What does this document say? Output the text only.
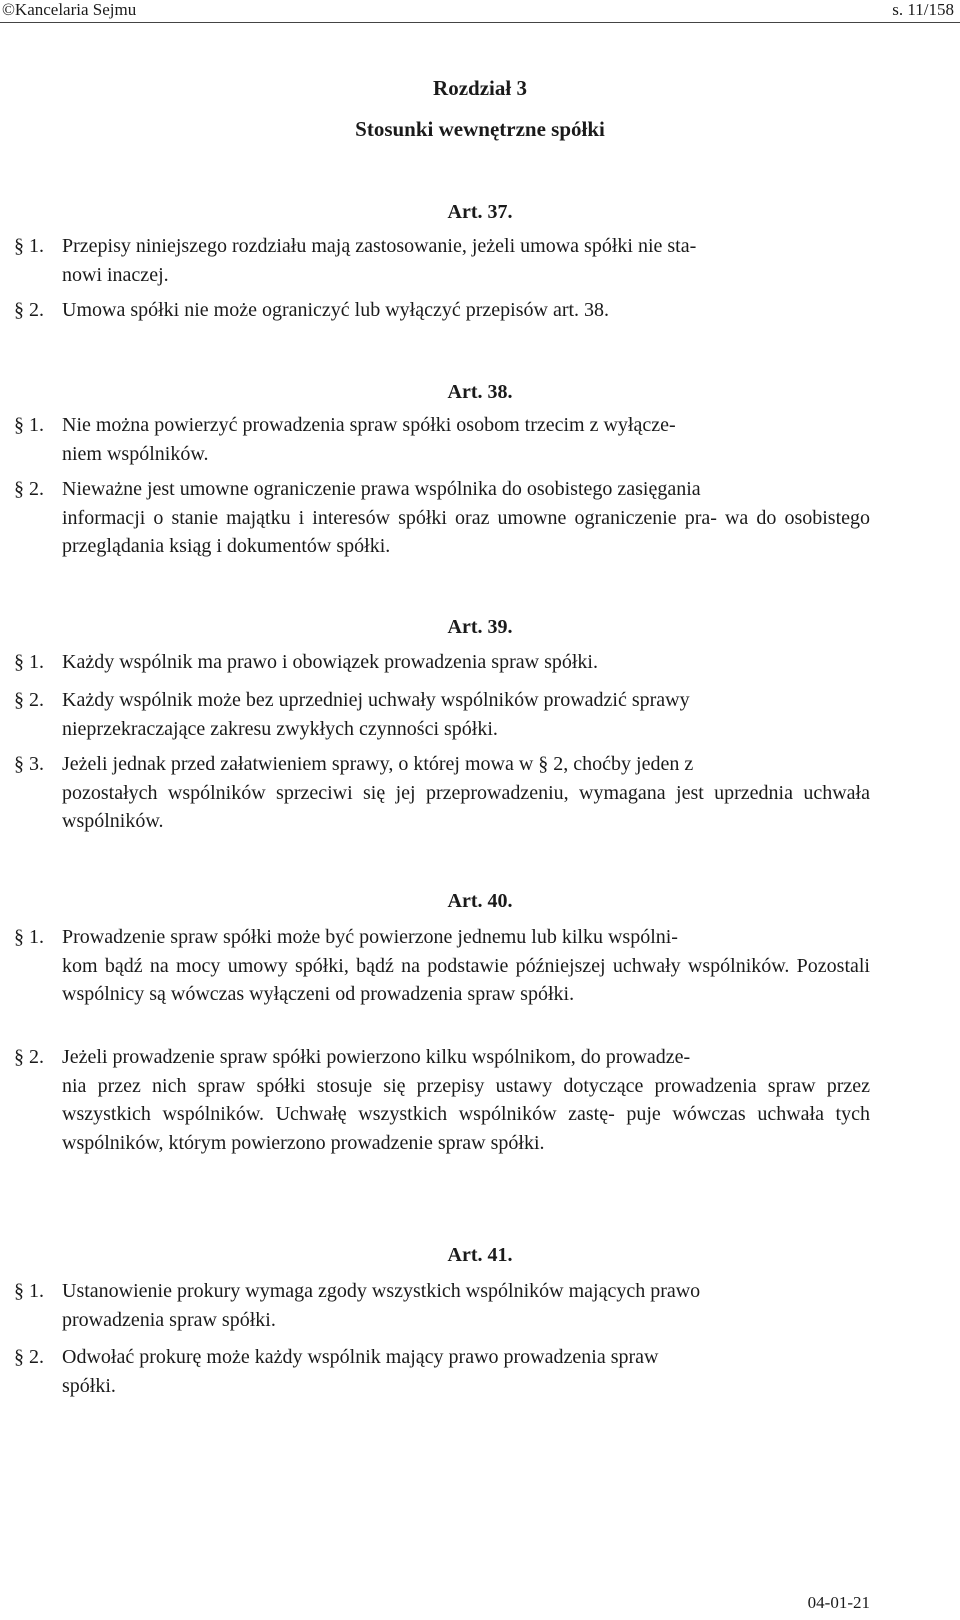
©Kancelaria Sejmu	s. 11/158
Rozdział 3
Stosunki wewnętrzne spółki
Art. 37.
§ 1. Przepisy niniejszego rozdziału mają zastosowanie, jeżeli umowa spółki nie sta-
nowi inaczej.
§ 2. Umowa spółki nie może ograniczyć lub wyłączyć przepisów art. 38.
Art. 38.
§ 1. Nie można powierzyć prowadzenia spraw spółki osobom trzecim z wyłącze-
niem wspólników.
§ 2. Nieważne jest umowne ograniczenie prawa wspólnika do osobistego zasięgania
informacji o stanie majątku i interesów spółki oraz umowne ograniczenie pra- wa do osobistego przeglądania ksiąg i dokumentów spółki.
Art. 39.
§ 1. Każdy wspólnik ma prawo i obowiązek prowadzenia spraw spółki.
§ 2. Każdy wspólnik może bez uprzedniej uchwały wspólników prowadzić sprawy
nieprzekraczające zakresu zwykłych czynności spółki.
§ 3. Jeżeli jednak przed załatwieniem sprawy, o której mowa w § 2, choćby jeden z
pozostałych wspólników sprzeciwi się jej przeprowadzeniu, wymagana jest uprzednia uchwała wspólników.
Art. 40.
§ 1. Prowadzenie spraw spółki może być powierzone jednemu lub kilku wspólni-
kom bądź na mocy umowy spółki, bądź na podstawie późniejszej uchwały wspólników. Pozostali wspólnicy są wówczas wyłączeni od prowadzenia spraw spółki.
§ 2. Jeżeli prowadzenie spraw spółki powierzono kilku wspólnikom, do prowadze-
nia przez nich spraw spółki stosuje się przepisy ustawy dotyczące prowadzenia spraw przez wszystkich wspólników. Uchwałę wszystkich wspólników zastę- puje wówczas uchwała tych wspólników, którym powierzono prowadzenie spraw spółki.
Art. 41.
§ 1. Ustanowienie prokury wymaga zgody wszystkich wspólników mających prawo
prowadzenia spraw spółki.
§ 2. Odwołać prokurę może każdy wspólnik mający prawo prowadzenia spraw
spółki.
04-01-21
